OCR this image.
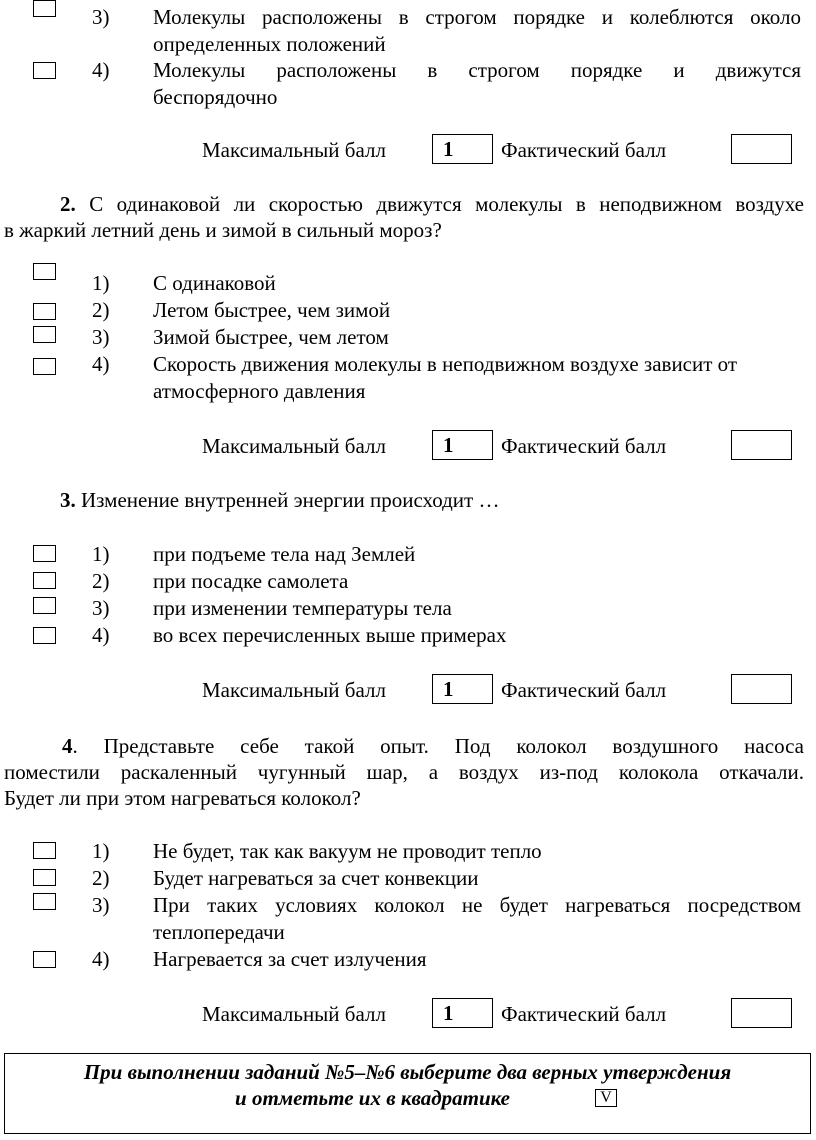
3) Молекулы расположены в строгом порядке и колеблются около
определенных положений
4) Молекулы расположены в строгом порядке и движутся
беспорядочно
Максимальный балл	1 Фактический балл
2. С одинаковой ли скоростью движутся молекулы в неподвижном воздухе
в жаркий летний день и зимой в сильный мороз?
1) С одинаковой
2) Летом быстрее, чем зимой
3) Зимой быстрее, чем летом
4) Скорость движения молекулы в неподвижном воздухе зависит от
атмосферного давления
Максимальный балл	1 Фактический балл
3. Изменение внутренней энергии происходит …
1) при подъеме тела над Землей
2) при посадке самолета
3) при изменении температуры тела
4) во всех перечисленных выше примерах
Максимальный балл	1 Фактический балл
4. Представьте себе такой опыт. Под колокол воздушного насоса
поместили раскаленный чугунный шар, а воздух из-под колокола откачали.
Будет ли при этом нагреваться колокол?
1) Не будет, так как вакуум не проводит тепло
2) Будет нагреваться за счет конвекции
3) При таких условиях колокол не будет нагреваться посредством
теплопередачи
4) Нагревается за счет излучения
Максимальный балл	1 Фактический балл
При выполнении заданий №5–№6 выберите два верных утверждения
и отметьте их в квадратике	V
